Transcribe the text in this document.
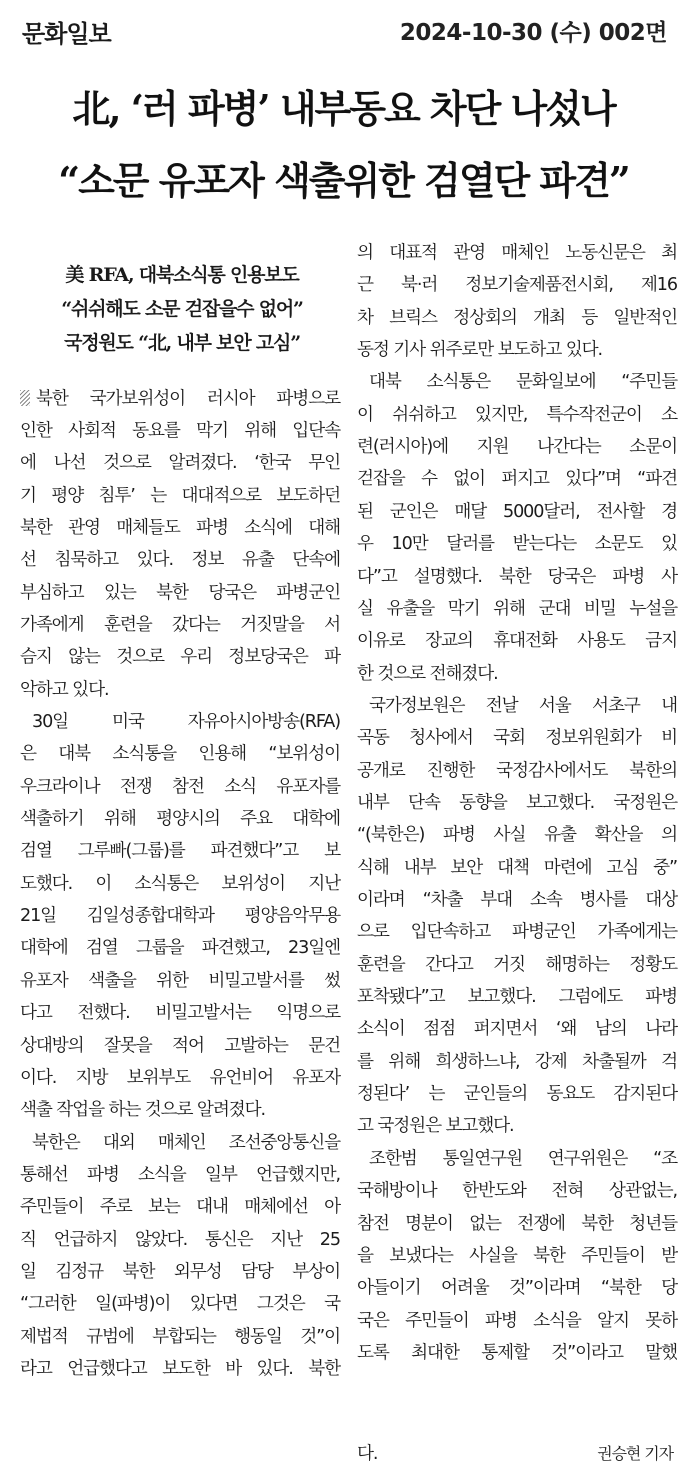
문화일보	2024-10-30 (수) 002면
北, ‘러 파병’ 내부동요 차단 나섰나
“소문 유포자 색출위한 검열단 파견”
美 RFA, 대북소식통 인용보도
“쉬쉬해도 소문 걷잡을수 없어”
국정원도 “北, 내부 보안 고심”
북한 국가보위성이 러시아 파병으로
인한 사회적 동요를 막기 위해 입단속
에 나선 것으로 알려졌다. ‘한국 무인
기 평양 침투’ 는 대대적으로 보도하던
북한 관영 매체들도 파병 소식에 대해
선 침묵하고 있다. 정보 유출 단속에
부심하고 있는 북한 당국은 파병군인
가족에게 훈련을 갔다는 거짓말을 서
슴지 않는 것으로 우리 정보당국은 파
악하고 있다.
30일 미국 자유아시아방송(RFA)
은 대북 소식통을 인용해 “보위성이
우크라이나 전쟁 참전 소식 유포자를
색출하기 위해 평양시의 주요 대학에
검열 그루빠(그룹)를 파견했다”고 보
도했다. 이 소식통은 보위성이 지난
21일 김일성종합대학과 평양음악무용
대학에 검열 그룹을 파견했고, 23일엔
유포자 색출을 위한 비밀고발서를 썼
다고 전했다. 비밀고발서는 익명으로
상대방의 잘못을 적어 고발하는 문건
이다. 지방 보위부도 유언비어 유포자
색출 작업을 하는 것으로 알려졌다.
북한은 대외 매체인 조선중앙통신을
통해선 파병 소식을 일부 언급했지만,
주민들이 주로 보는 대내 매체에선 아
직 언급하지 않았다. 통신은 지난 25
일 김정규 북한 외무성 담당 부상이
“그러한 일(파병)이 있다면 그것은 국
제법적 규범에 부합되는 행동일 것”이
라고 언급했다고 보도한 바 있다. 북한
다.	권승현 기자
의 대표적 관영 매체인 노동신문은 최
근 북·러 정보기술제품전시회, 제16
차 브릭스 정상회의 개최 등 일반적인
동정 기사 위주로만 보도하고 있다.
대북 소식통은 문화일보에 “주민들
이 쉬쉬하고 있지만, 특수작전군이 소
련(러시아)에 지원 나간다는 소문이
걷잡을 수 없이 퍼지고 있다”며 “파견
된 군인은 매달 5000달러, 전사할 경
우 10만 달러를 받는다는 소문도 있
다”고 설명했다. 북한 당국은 파병 사
실 유출을 막기 위해 군대 비밀 누설을
이유로 장교의 휴대전화 사용도 금지
한 것으로 전해졌다.
국가정보원은 전날 서울 서초구 내
곡동 청사에서 국회 정보위원회가 비
공개로 진행한 국정감사에서도 북한의
내부 단속 동향을 보고했다. 국정원은
“(북한은) 파병 사실 유출 확산을 의
식해 내부 보안 대책 마련에 고심 중”
이라며 “차출 부대 소속 병사를 대상
으로 입단속하고 파병군인 가족에게는
훈련을 간다고 거짓 해명하는 정황도
포착됐다”고 보고했다. 그럼에도 파병
소식이 점점 퍼지면서 ‘왜 남의 나라
를 위해 희생하느냐, 강제 차출될까 걱
정된다’ 는 군인들의 동요도 감지된다
고 국정원은 보고했다.
조한범 통일연구원 연구위원은 “조
국해방이나 한반도와 전혀 상관없는,
참전 명분이 없는 전쟁에 북한 청년들
을 보냈다는 사실을 북한 주민들이 받
아들이기 어려울 것”이라며 “북한 당
국은 주민들이 파병 소식을 알지 못하
도록 최대한 통제할 것”이라고 말했
